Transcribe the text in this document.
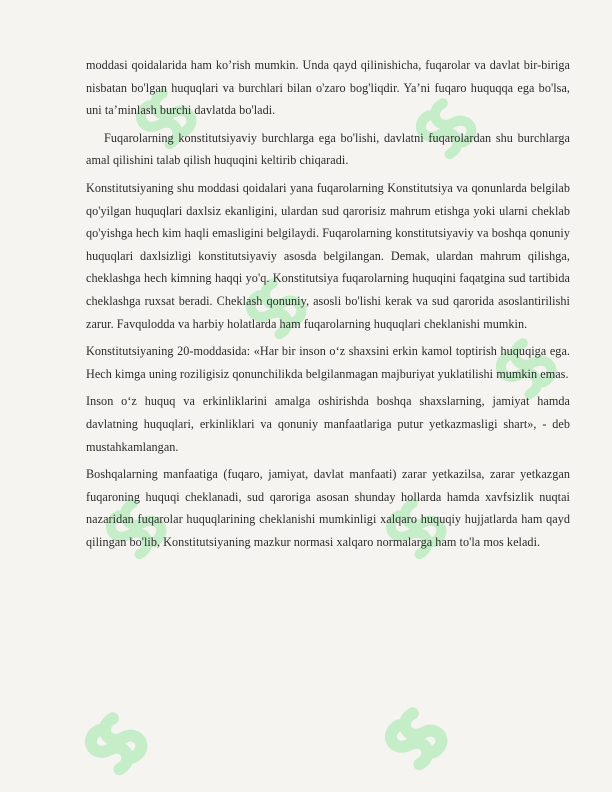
moddasi qoidalarida ham ko’rish mumkin. Unda qayd qilinishicha, fuqarolar va davlat bir-biriga nisbatan bo'lgan huquqlari va burchlari bilan o'zaro bog'liqdir. Ya’ni fuqaro huquqqa ega bo'lsa, uni ta’minlash burchi davlatda bo'ladi.

Fuqarolarning konstitutsiyaviy burchlarga ega bo'lishi, davlatni fuqarolardan shu burchlarga amal qilishini talab qilish huquqini keltirib chiqaradi.

Konstitutsiyaning shu moddasi qoidalari yana fuqarolarning Konstitutsiya va qonunlarda belgilab qo'yilgan huquqlari daxlsiz ekanligini, ulardan sud qarorisiz mahrum etishga yoki ularni cheklab qo'yishga hech kim haqli emasligini belgilaydi. Fuqarolarning konstitutsiyaviy va boshqa qonuniy huquqlari daxlsizligi konstitutsiyaviy asosda belgilangan. Demak, ulardan mahrum qilishga, cheklashga hech kimning haqqi yo'q. Konstitutsiya fuqarolarning huquqini faqatgina sud tartibida cheklashga ruxsat beradi. Cheklash qonuniy, asosli bo'lishi kerak va sud qarorida asoslantirilishi zarur. Favqulodda va harbiy holatlarda ham fuqarolarning huquqlari cheklanishi mumkin.

Konstitutsiyaning 20-moddasida: «Har bir inson oʻz shaxsini erkin kamol toptirish huquqiga ega. Hech kimga uning roziligisiz qonunchilikda belgilanmagan majburiyat yuklatilishi mumkin emas.

Inson oʻz huquq va erkinliklarini amalga oshirishda boshqa shaxslarning, jamiyat hamda davlatning huquqlari, erkinliklari va qonuniy manfaatlariga putur yetkazmasligi shart», - deb mustahkamlangan.

Boshqalarning manfaatiga (fuqaro, jamiyat, davlat manfaati) zarar yetkazilsa, zarar yetkazgan fuqaroning huquqi cheklanadi, sud qaroriga asosan shunday hollarda hamda xavfsizlik nuqtai nazaridan fuqarolar huquqlarining cheklanishi mumkinligi xalqaro huquqiy hujjatlarda ham qayd qilingan bo'lib, Konstitutsiyaning mazkur normasi xalqaro normalarga ham to'la mos keladi.
